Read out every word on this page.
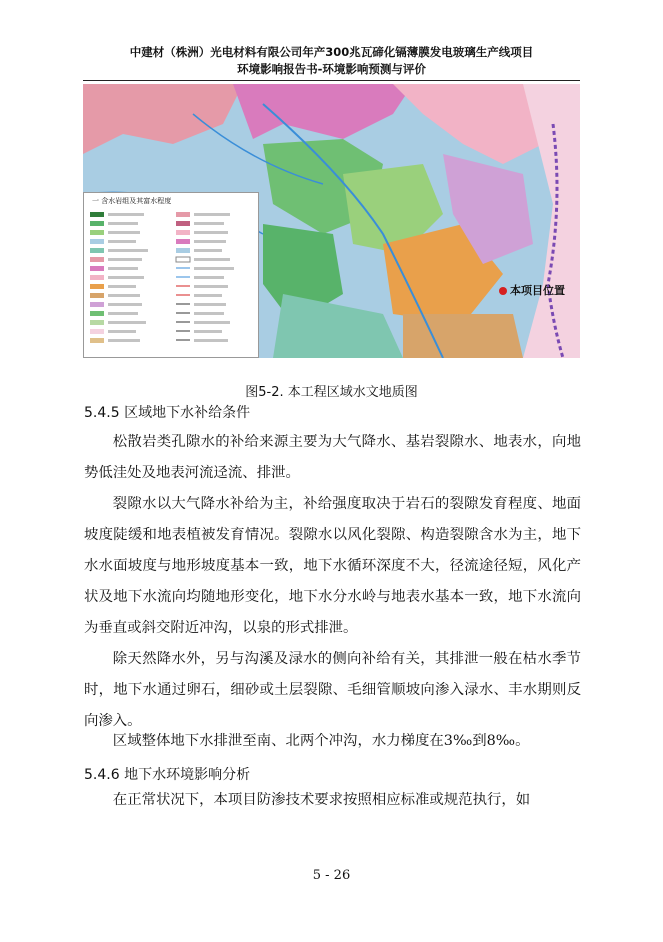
中建材（株洲）光电材料有限公司年产300兆瓦碲化镉薄膜发电玻璃生产线项目
环境影响报告书-环境影响预测与评价
本项目位置
一 含水岩组及其富水程度
图5-2. 本工程区域水文地质图
5.4.5 区域地下水补给条件
松散岩类孔隙水的补给来源主要为大气降水、基岩裂隙水、地表水，向地势低洼处及地表河流迳流、排泄。
裂隙水以大气降水补给为主，补给强度取决于岩石的裂隙发育程度、地面坡度陡缓和地表植被发育情况。裂隙水以风化裂隙、构造裂隙含水为主，地下水水面坡度与地形坡度基本一致，地下水循环深度不大，径流途径短，风化产状及地下水流向均随地形变化，地下水分水岭与地表水基本一致，地下水流向为垂直或斜交附近冲沟，以泉的形式排泄。
除天然降水外，另与沟溪及渌水的侧向补给有关，其排泄一般在枯水季节时，地下水通过卵石，细砂或土层裂隙、毛细管顺坡向渗入渌水、丰水期则反向渗入。
区域整体地下水排泄至南、北两个冲沟，水力梯度在3‰到8‰。
5.4.6 地下水环境影响分析
在正常状况下，本项目防渗技术要求按照相应标准或规范执行，如
5 - 26
